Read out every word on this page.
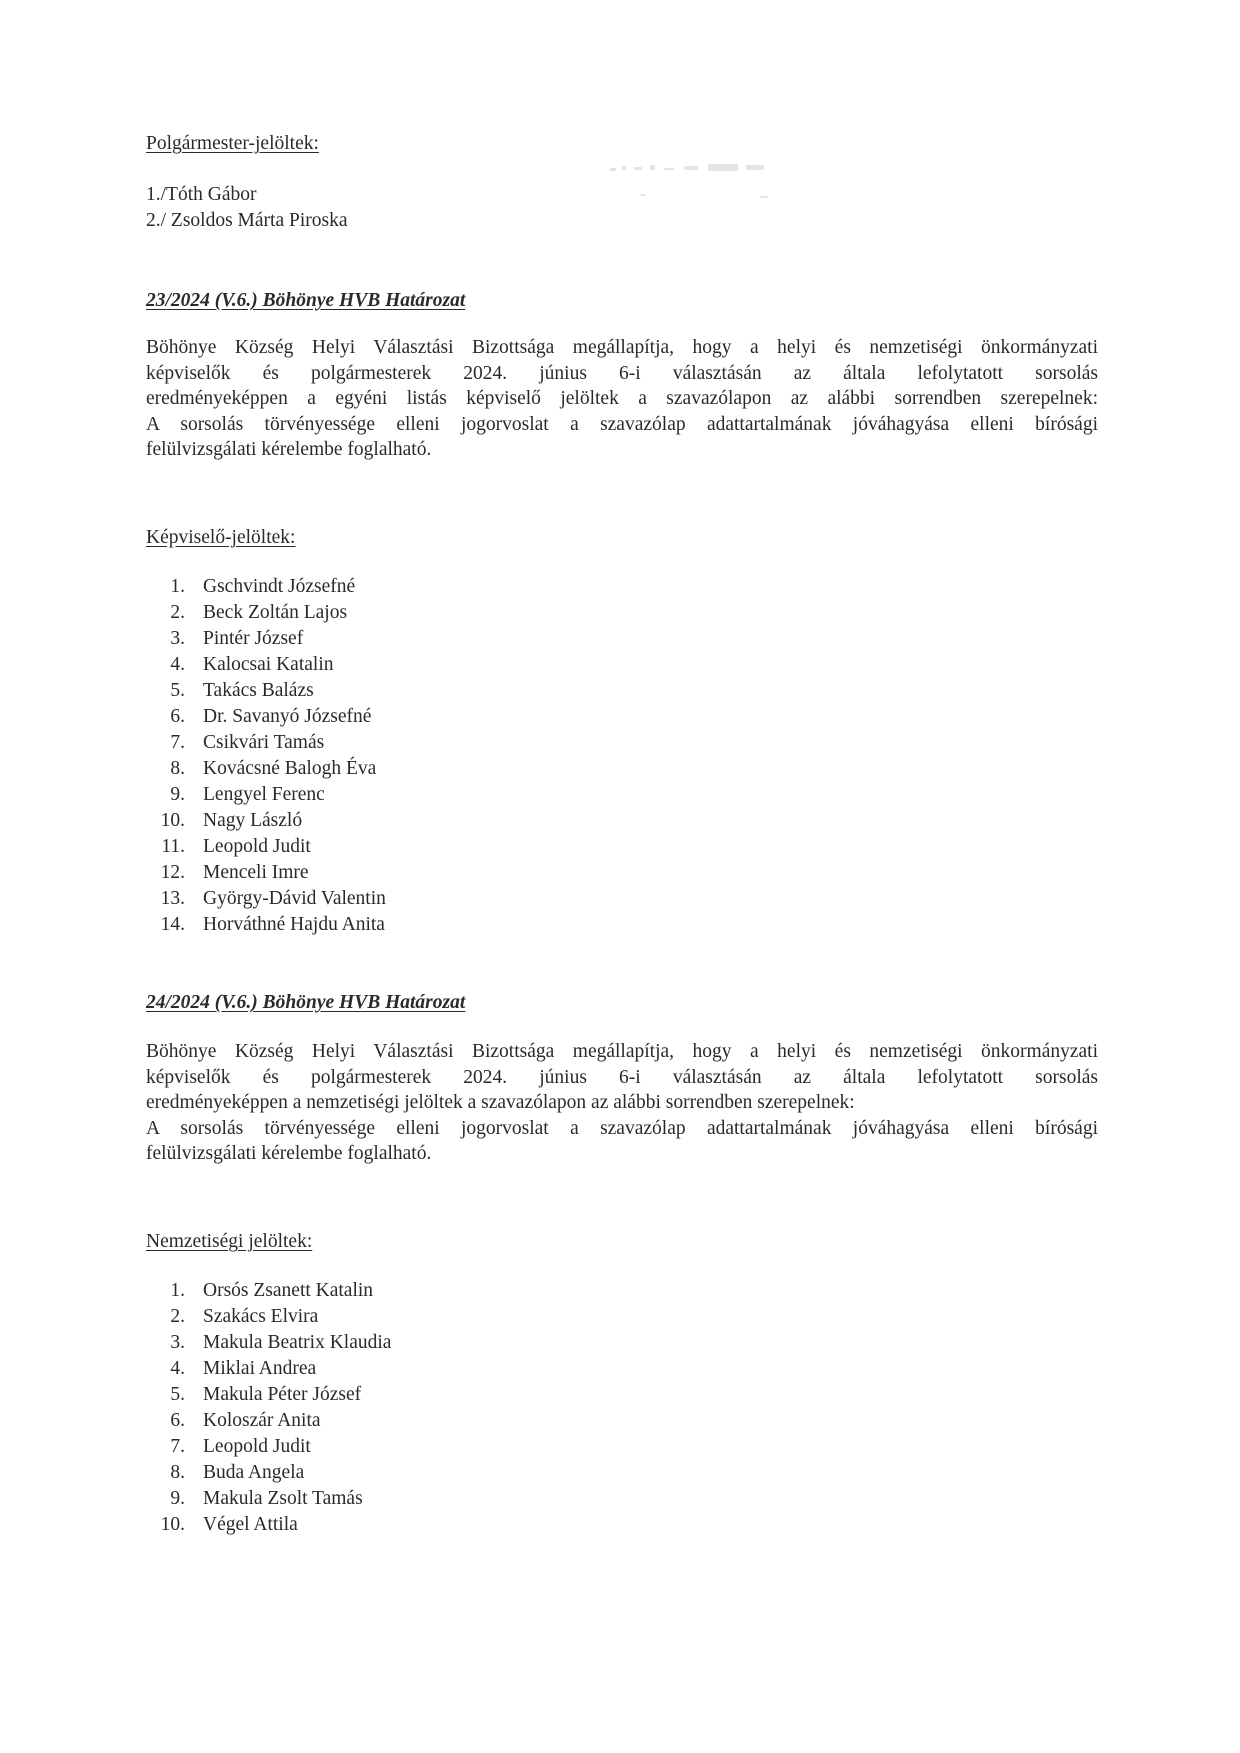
Polgármester-jelöltek:
1./Tóth Gábor
2./ Zsoldos Márta Piroska
23/2024 (V.6.) Böhönye HVB Határozat
Böhönye Község Helyi Választási Bizottsága megállapítja, hogy a helyi és nemzetiségi önkormányzati
képviselők és polgármesterek 2024. június 6-i választásán az általa lefolytatott sorsolás
eredményeképpen a egyéni listás képviselő jelöltek a szavazólapon az alábbi sorrendben szerepelnek:
A sorsolás törvényessége elleni jogorvoslat a szavazólap adattartalmának jóváhagyása elleni bírósági
felülvizsgálati kérelembe foglalható.
Képviselő-jelöltek:
1. Gschvindt Józsefné
2. Beck Zoltán Lajos
3. Pintér József
4. Kalocsai Katalin
5. Takács Balázs
6. Dr. Savanyó Józsefné
7. Csikvári Tamás
8. Kovácsné Balogh Éva
9. Lengyel Ferenc
10. Nagy László
11. Leopold Judit
12. Menceli Imre
13. György-Dávid Valentin
14. Horváthné Hajdu Anita
24/2024 (V.6.) Böhönye HVB Határozat
Böhönye Község Helyi Választási Bizottsága megállapítja, hogy a helyi és nemzetiségi önkormányzati
képviselők és polgármesterek 2024. június 6-i választásán az általa lefolytatott sorsolás
eredményeképpen a nemzetiségi jelöltek a szavazólapon az alábbi sorrendben szerepelnek:
A sorsolás törvényessége elleni jogorvoslat a szavazólap adattartalmának jóváhagyása elleni bírósági
felülvizsgálati kérelembe foglalható.
Nemzetiségi jelöltek:
1. Orsós Zsanett Katalin
2. Szakács Elvira
3. Makula Beatrix Klaudia
4. Miklai Andrea
5. Makula Péter József
6. Koloszár Anita
7. Leopold Judit
8. Buda Angela
9. Makula Zsolt Tamás
10. Végel Attila
